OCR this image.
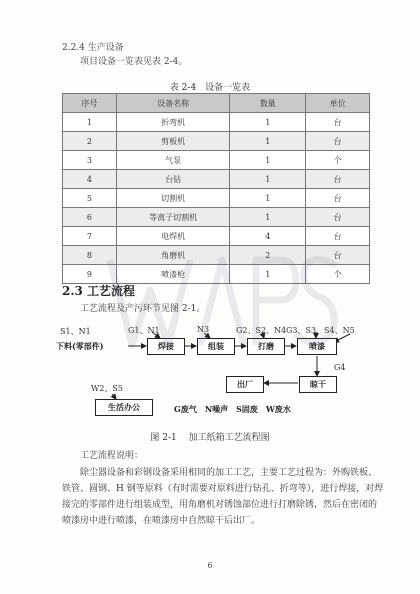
2.2.4 生产设备
项目设备一览表见表 2-4。
表 2-4　设备一览表
序号	设备名称	数量	单位
1	折弯机	1	台
2	剪板机	1	台
3	气泵	1	个
4	台钻	1	台
5	切割机	1	台
6	等离子切割机	1	台
7	电焊机	4	台
8	角磨机	2	台
9	喷漆枪	1	个
2.3 工艺流程
工艺流程及产污环节见图 2-1。
S1、N1
下料(零部件)
G1、N1
焊接
N3
组装
G2、S2、N4
打磨
G3、S3、S4、N5
喷漆
G4
晾干
出厂
W2、S5
生活办公	G废气　N噪声　S固废　W废水
图 2-1　 加工纸箱工艺流程图
工艺流程说明：
除尘器设备和彩钢设备采用相同的加工工艺，主要工艺过程为：外购铁板、
铁管、圆钢、H 钢等原料（有时需要对原料进行钻孔、折弯等），进行焊接，对焊
接完的零部件进行组装成型，用角磨机对锈蚀部位进行打磨除锈，然后在密闭的
喷漆房中进行喷漆，在喷漆房中自然晾干后出厂。
6
